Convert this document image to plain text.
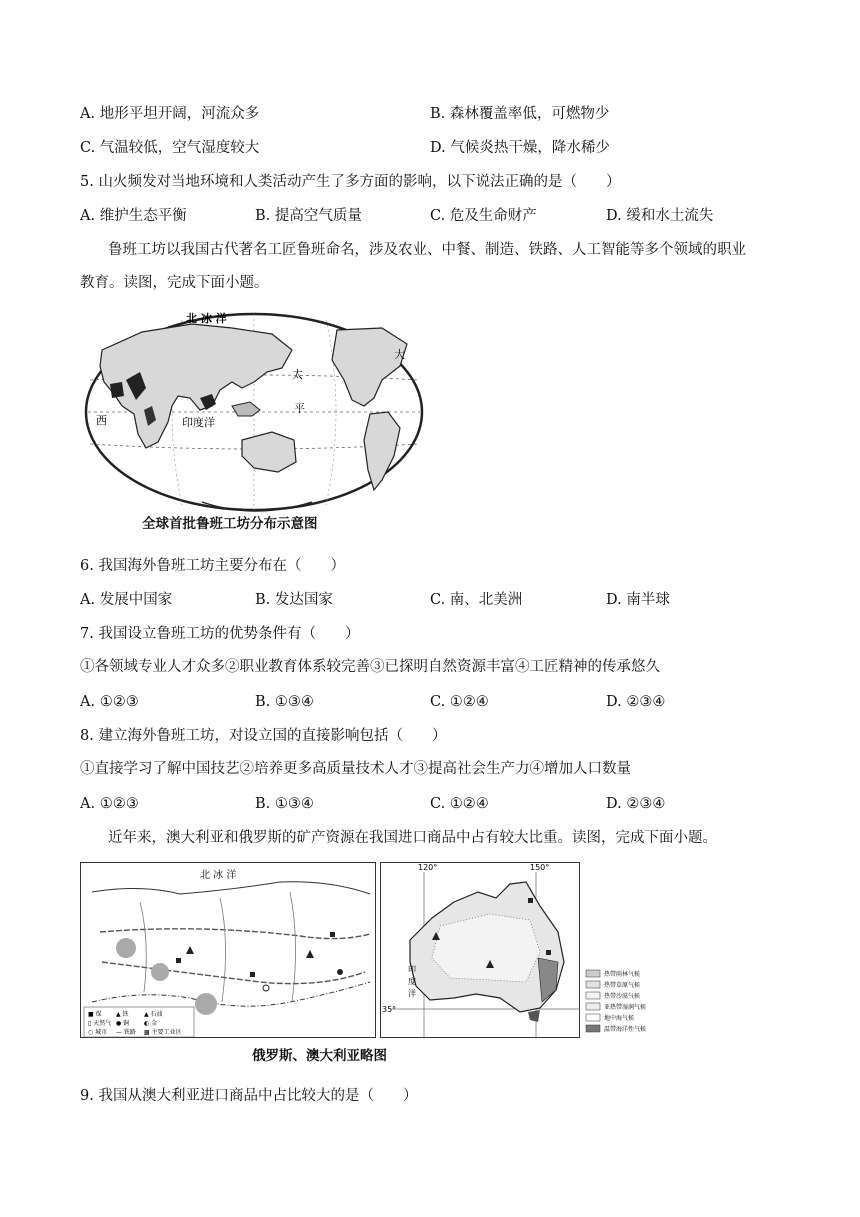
A. 地形平坦开阔，河流众多	B. 森林覆盖率低，可燃物少
C. 气温较低，空气湿度较大	D. 气候炎热干燥，降水稀少
5. 山火频发对当地环境和人类活动产生了多方面的影响，以下说法正确的是（　　）
A. 维护生态平衡	B. 提高空气质量	C. 危及生命财产	D. 缓和水土流失
鲁班工坊以我国古代著名工匠鲁班命名，涉及农业、中餐、制造、铁路、人工智能等多个领域的职业
教育。读图，完成下面小题。
北 冰 洋
太
平
大
印度洋
西
全球首批鲁班工坊分布示意图
6. 我国海外鲁班工坊主要分布在（　　）
A. 发展中国家	B. 发达国家	C. 南、北美洲	D. 南半球
7. 我国设立鲁班工坊的优势条件有（　　）
①各领域专业人才众多②职业教育体系较完善③已探明自然资源丰富④工匠精神的传承悠久
A. ①②③	B. ①③④	C. ①②④	D. ②③④
8. 建立海外鲁班工坊，对设立国的直接影响包括（　　）
①直接学习了解中国技艺②培养更多高质量技术人才③提高社会生产力④增加人口数量
A. ①②③	B. ①③④	C. ①②④	D. ②③④
近年来，澳大利亚和俄罗斯的矿产资源在我国进口商品中占有较大比重。读图，完成下面小题。
北 冰 洋
■ 煤 ▲ 铁	▲ 石油
▯ 天然气 ● 铜 ◐ 金
○ 城市 — 铁路 ▩ 主要工业区
120°	150°
35°
印
度
洋
热带雨林气候
热带草原气候
热带沙漠气候
亚热带湿润气候
地中海气候
温带海洋性气候
俄罗斯、澳大利亚略图
9. 我国从澳大利亚进口商品中占比较大的是（　　）
